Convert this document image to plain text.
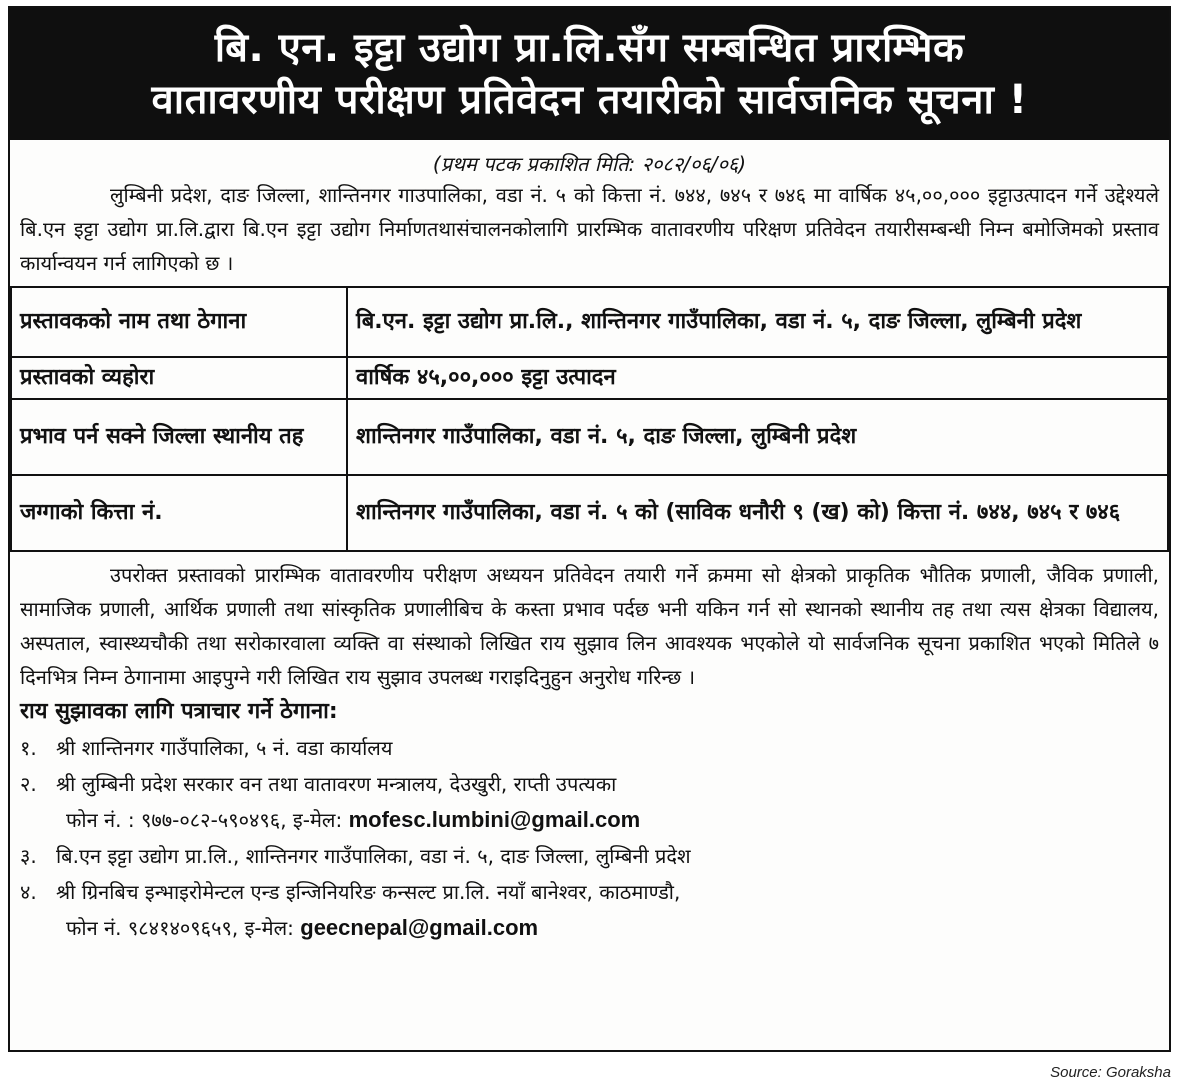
बि. एन. इट्टा उद्योग प्रा.लि.सँग सम्बन्धित प्रारम्भिक
वातावरणीय परीक्षण प्रतिवेदन तयारीको सार्वजनिक सूचना !
(प्रथम पटक प्रकाशित मिति: २०८२/०६/०६)
लुम्बिनी प्रदेश, दाङ जिल्ला, शान्तिनगर गाउपालिका, वडा नं. ५ को कित्ता नं. ७४४, ७४५ र ७४६ मा वार्षिक ४५,००,००० इट्टाउत्पादन गर्ने उद्देश्यले बि.एन इट्टा उद्योग प्रा.लि.द्वारा बि.एन इट्टा उद्योग निर्माणतथासंचालनकोलागि प्रारम्भिक वातावरणीय परिक्षण प्रतिवेदन तयारीसम्बन्धी निम्न बमोजिमको प्रस्ताव कार्यान्वयन गर्न लागिएको छ ।
प्रस्तावकको नाम तथा ठेगाना	बि.एन. इट्टा उद्योग प्रा.लि., शान्तिनगर गाउँपालिका, वडा नं. ५, दाङ जिल्ला, लुम्बिनी प्रदेश
प्रस्तावको व्यहोरा	वार्षिक ४५,००,००० इट्टा उत्पादन
प्रभाव पर्न सक्ने जिल्ला स्थानीय तह	शान्तिनगर गाउँपालिका, वडा नं. ५, दाङ जिल्ला, लुम्बिनी प्रदेश
जग्गाको कित्ता नं.	शान्तिनगर गाउँपालिका, वडा नं. ५ को (साविक धनौरी ९ (ख) को) कित्ता नं. ७४४, ७४५ र ७४६
उपरोक्त प्रस्तावको प्रारम्भिक वातावरणीय परीक्षण अध्ययन प्रतिवेदन तयारी गर्ने क्रममा सो क्षेत्रको प्राकृतिक भौतिक प्रणाली, जैविक प्रणाली, सामाजिक प्रणाली, आर्थिक प्रणाली तथा सांस्कृतिक प्रणालीबिच के कस्ता प्रभाव पर्दछ भनी यकिन गर्न सो स्थानको स्थानीय तह तथा त्यस क्षेत्रका विद्यालय, अस्पताल, स्वास्थ्यचौकी तथा सरोकारवाला व्यक्ति वा संस्थाको लिखित राय सुझाव लिन आवश्यक भएकोले यो सार्वजनिक सूचना प्रकाशित भएको मितिले ७ दिनभित्र निम्न ठेगानामा आइपुग्ने गरी लिखित राय सुझाव उपलब्ध गराइदिनुहुन अनुरोध गरिन्छ ।
राय सुझावका लागि पत्राचार गर्ने ठेगाना:
१. श्री शान्तिनगर गाउँपालिका, ५ नं. वडा कार्यालय
२. श्री लुम्बिनी प्रदेश सरकार वन तथा वातावरण मन्त्रालय, देउखुरी, राप्ती उपत्यका
फोन नं. : ९७७-०८२-५९०४९६, इ-मेल: mofesc.lumbini@gmail.com
३. बि.एन इट्टा उद्योग प्रा.लि., शान्तिनगर गाउँपालिका, वडा नं. ५, दाङ जिल्ला, लुम्बिनी प्रदेश
४. श्री ग्रिनबिच इन्भाइरोमेन्टल एन्ड इन्जिनियरिङ कन्सल्ट प्रा.लि. नयाँ बानेश्वर, काठमाण्डौ,
फोन नं. ९८४१४०९६५९, इ-मेल: geecnepal@gmail.com
Source: Goraksha
